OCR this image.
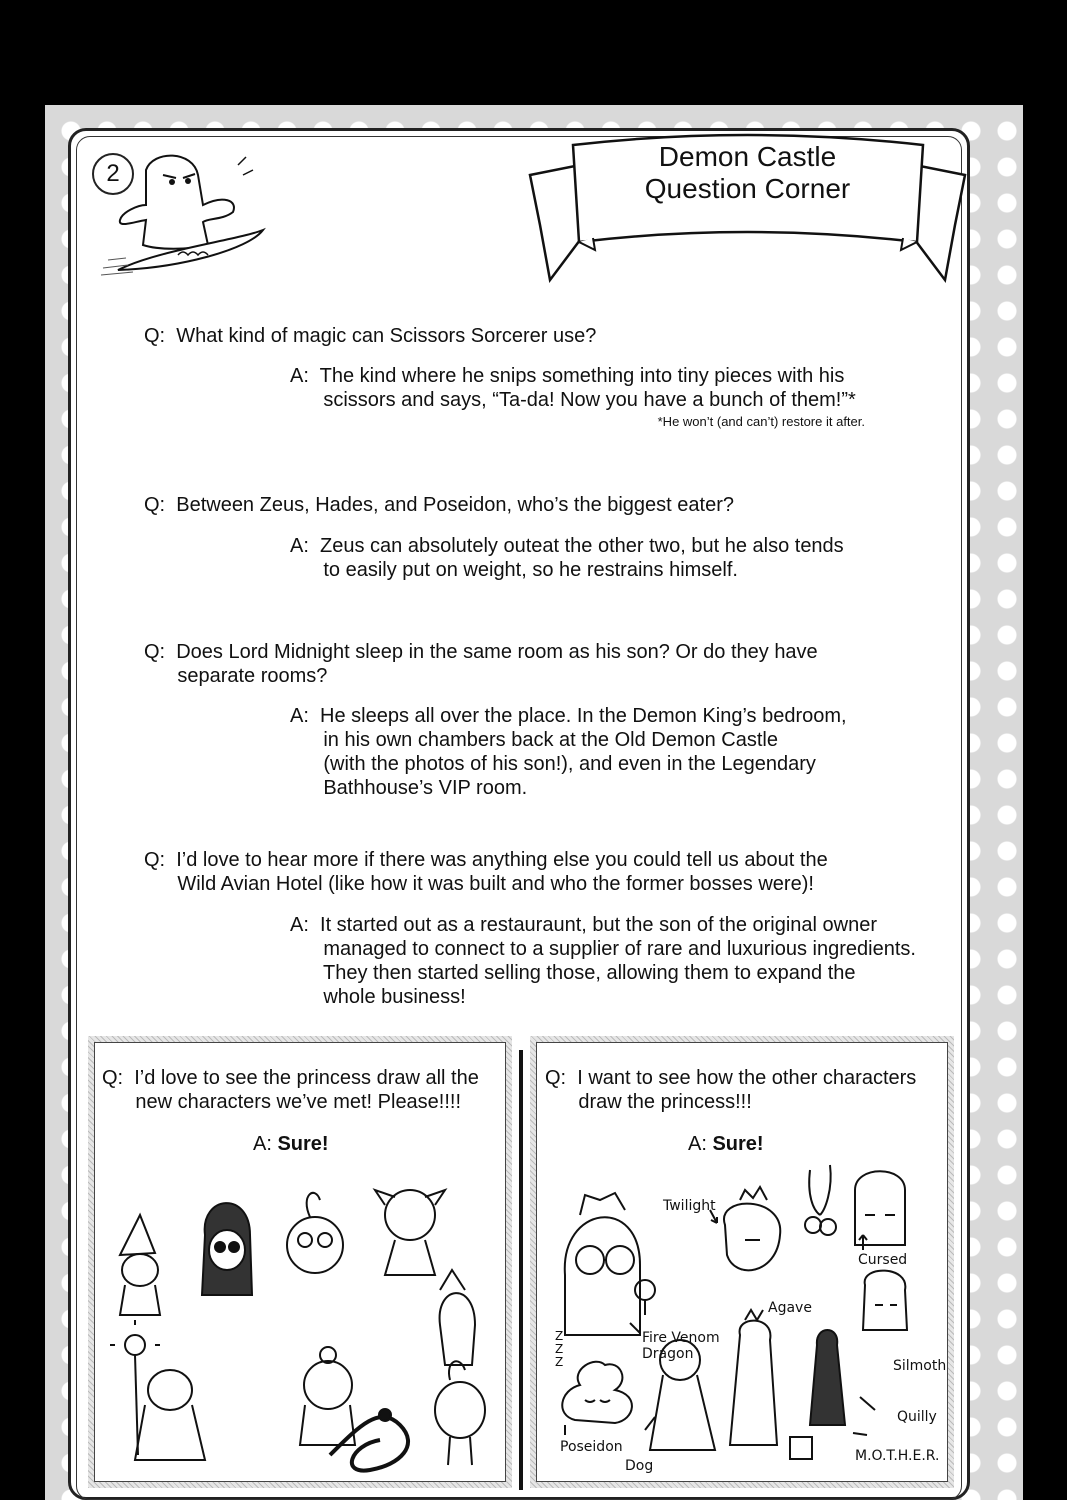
2
Demon Castle
Question Corner
Q:  What kind of magic can Scissors Sorcerer use?
A:  The kind where he snips something into tiny pieces with his
scissors and says, “Ta-da! Now you have a bunch of them!”*
*He won’t (and can’t) restore it after.
Q:  Between Zeus, Hades, and Poseidon, who’s the biggest eater?
A:  Zeus can absolutely outeat the other two, but he also tends
to easily put on weight, so he restrains himself.
Q:  Does Lord Midnight sleep in the same room as his son? Or do they have
separate rooms?
A:  He sleeps all over the place. In the Demon King’s bedroom,
in his own chambers back at the Old Demon Castle
(with the photos of his son!), and even in the Legendary
Bathhouse’s VIP room.
Q:  I’d love to hear more if there was anything else you could tell us about the
Wild Avian Hotel (like how it was built and who the former bosses were)!
A:  It started out as a restauraunt, but the son of the original owner
managed to connect to a supplier of rare and luxurious ingredients.
They then started selling those, allowing them to expand the
whole business!
Q:  I’d love to see the princess draw all the
new characters we’ve met! Please!!!!
A: Sure!
Q:  I want to see how the other characters
draw the princess!!!
A: Sure!
Twilight
Cursed
Agave
Fire Venom
Dragon
Silmoth
Quilly
Poseidon
Dog
M.O.T.H.E.R.
Z
Z
Z
